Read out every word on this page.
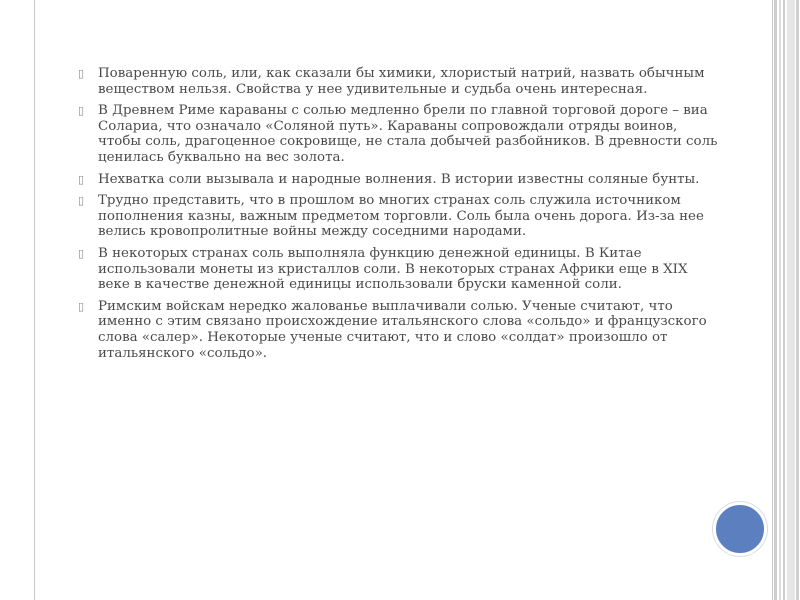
▯ Поваренную соль, или, как сказали бы химики, хлористый натрий, назвать обычным веществом нельзя. Свойства у нее удивительные и судьба очень интересная.
▯ В Древнем Риме караваны с солью медленно брели по главной торговой дороге – виа Солариа, что означало «Соляной путь». Караваны сопровождали отряды воинов, чтобы соль, драгоценное сокровище, не стала добычей разбойников. В древности соль ценилась буквально на вес золота.
▯ Нехватка соли вызывала и народные волнения. В истории известны соляные бунты.
▯ Трудно представить, что в прошлом во многих странах соль служила источником пополнения казны, важным предметом торговли. Соль была очень дорога. Из-за нее велись кровопролитные войны между соседними народами.
▯ В некоторых странах соль выполняла функцию денежной единицы. В Китае использовали монеты из кристаллов соли. В некоторых странах Африки еще в XIX веке в качестве денежной единицы использовали бруски каменной соли.
▯ Римским войскам нередко жалованье выплачивали солью. Ученые считают, что именно с этим связано происхождение итальянского слова «сольдо» и французского слова «салер». Некоторые ученые считают, что и слово «солдат» произошло от итальянского «сольдо».
